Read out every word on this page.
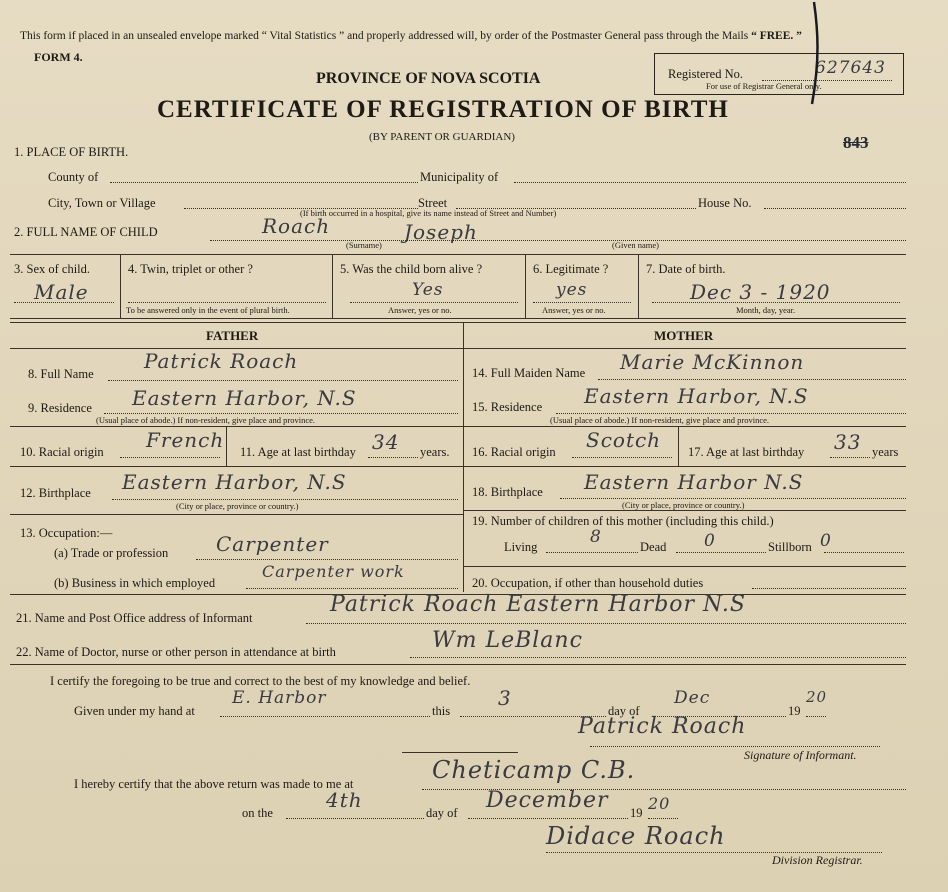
This form if placed in an unsealed envelope marked “ Vital Statistics ” and properly addressed will, by order of the Postmaster General pass through the Mails “ FREE. ”
FORM 4.
PROVINCE OF NOVA SCOTIA
CERTIFICATE OF REGISTRATION OF BIRTH
(BY PARENT OR GUARDIAN)
Registered No.	627643
For use of Registrar General only.
843
1. PLACE OF BIRTH.
County of	Municipality of
City, Town or Village	Street	House No.
(If birth occurred in a hospital, give its name instead of Street and Number)
2. FULL NAME OF CHILD	Roach	Joseph
(Surname)	(Given name)
3. Sex of child.
Male
4. Twin, triplet or other ?
To be answered only in the event of plural birth.
5. Was the child born alive ?
Yes
Answer, yes or no.
6. Legitimate ?
yes
Answer, yes or no.
7. Date of birth.
Dec 3 - 1920
Month, day, year.
FATHER	MOTHER
8. Full Name
Patrick Roach
9. Residence Eastern Harbor, N.S
(Usual place of abode.) If non-resident, give place and province.
10. Racial origin French 11. Age at last birthday 34 years.
12. Birthplace Eastern Harbor, N.S
(City or place, province or country.)
13. Occupation:—
(a) Trade or profession Carpenter
(b) Business in which employed
Carpenter work
14. Full Maiden Name Marie McKinnon
15. Residence Eastern Harbor, N.S
(Usual place of abode.) If non-resident, give place and province.
16. Racial origin Scotch 17. Age at last birthday 33 years
18. Birthplace Eastern Harbor N.S
(City or place, province or country.)
19. Number of children of this mother (including this child.)
Living	8	Dead 0	Stillborn 0
20. Occupation, if other than household duties
21. Name and Post Office address of Informant
Patrick Roach Eastern Harbor N.S
22. Name of Doctor, nurse or other person in attendance at birth	Wm LeBlanc
I certify the foregoing to be true and correct to the best of my knowledge and belief.
Given under my hand at
E. Harbor
this
3
day of
Dec
19
20
Patrick Roach
Signature of Informant.
I hereby certify that the above return was made to me at	Cheticamp C.B.
on the
4th
day of December 19 20
Didace Roach
Division Registrar.
